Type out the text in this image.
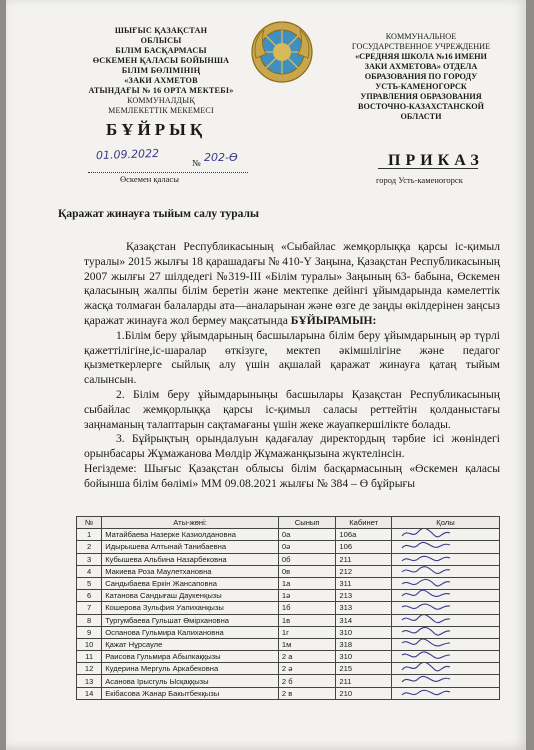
ШЫҒЫС ҚАЗАҚСТАН
ОБЛЫСЫ
БІЛІМ БАСҚАРМАСЫ
ӨСКЕМЕН ҚАЛАСЫ БОЙЫНША
БІЛІМ БӨЛІМІНІҢ
«ЗАКИ АХМЕТОВ
АТЫНДАҒЫ № 16 ОРТА МЕКТЕБІ»
КОММУНАЛДЫҚ
МЕМЛЕКЕТТІК МЕКЕМЕСІ
КОММУНАЛЬНОЕ
ГОСУДАРСТВЕННОЕ УЧРЕЖДЕНИЕ
«СРЕДНЯЯ ШКОЛА №16 ИМЕНИ
ЗАКИ АХМЕТОВА» ОТДЕЛА
ОБРАЗОВАНИЯ ПО ГОРОДУ
УСТЬ-КАМЕНОГОРСК
УПРАВЛЕНИЯ ОБРАЗОВАНИЯ
ВОСТОЧНО-КАЗАХСТАНСКОЙ
ОБЛАСТИ
БҰЙРЫҚ
ПРИКАЗ
01.09.2022
№ 202-Ө
Өскемен қаласы	город Усть-каменогорск
Қаражат жинауға тыйым салу туралы

Қазақстан Республикасының «Сыбайлас жемқорлыққа қарсы іс-қимыл туралы» 2015 жылғы 18 қарашадағы № 410-Ү Заңына, Қазақстан Республикасының 2007 жылғы 27 шілдедегі №319-ІІІ «Білім туралы» Заңының 63- бабына, Өскемен қаласының жалпы білім беретін және мектепке дейінгі ұйымдарында кәмелеттік жасқа толмаған балаларды ата—аналарынан және өзге де заңды өкілдерінен заңсыз қаражат жинауға жол бермеу мақсатында БҰЙЫРАМЫН:

1.Білім беру ұйымдарының басшыларына білім беру ұйымдарының әр түрлі қажеттілігіне,іс-шаралар өткізуге, мектеп әкімшілігіне және педагог қызметкерлерге сыйлық алу үшін ақшалай қаражат жинауға қатаң тыйым салынсын.

2. Білім беру ұйымдарыныңы басшылары Қазақстан Республикасының сыбайлас жемқорлыққа қарсы іс-қимыл саласы реттейтін қолданыстағы заңнаманың талаптарын сақтамағаны үшін жеке жауапкершілікте болады.

3. Бұйрықтың орындалуын қадағалау директордың тәрбие ісі жөніндегі орынбасары Жұмажанова Мөлдір Жұмажанқызына жүктелінсін.

Негіздеме: Шығыс Қазақстан облысы білім басқармасының «Өскемен қаласы бойынша білім бөлімі» ММ 09.08.2021 жылғы № 384 – Ө бұйрығы

№	Аты-жөні:	Сынып	Кабинет	Қолы
1	Матайбаева Назерке Казиолдановна	0а	106а	

2	Идырышева Алтынай Танибаевна	0ә	106	

3	Кубышева Альбина Назарбековна	0б	211	

4	Макиева Роза Маулетхановна	0в	212	

5	Сандыбаева Еркін Жансаповна	1а	311	

6	Катанова Сандығаш Даукенқызы	1ә	213	

7	Кошерова Зульфия Уалиханқызы	1б	313	

8	Тургумбаева Гульшат Өмірхановна	1в	314	

9	Оспанова Гульмира Калихановна	1г	310	

10	Қажат Нұрсауле	1м	318	

11	Раисова Гульмира Абылкаққызы	2 а	310	

12	Кудерина Мергуль Аркабековна	2 ә	215	

13	Асанова Ірысгуль Ысқаққызы	2 б	211	

14	Екібасова Жанар Бакытбекқызы	2 в	210	
